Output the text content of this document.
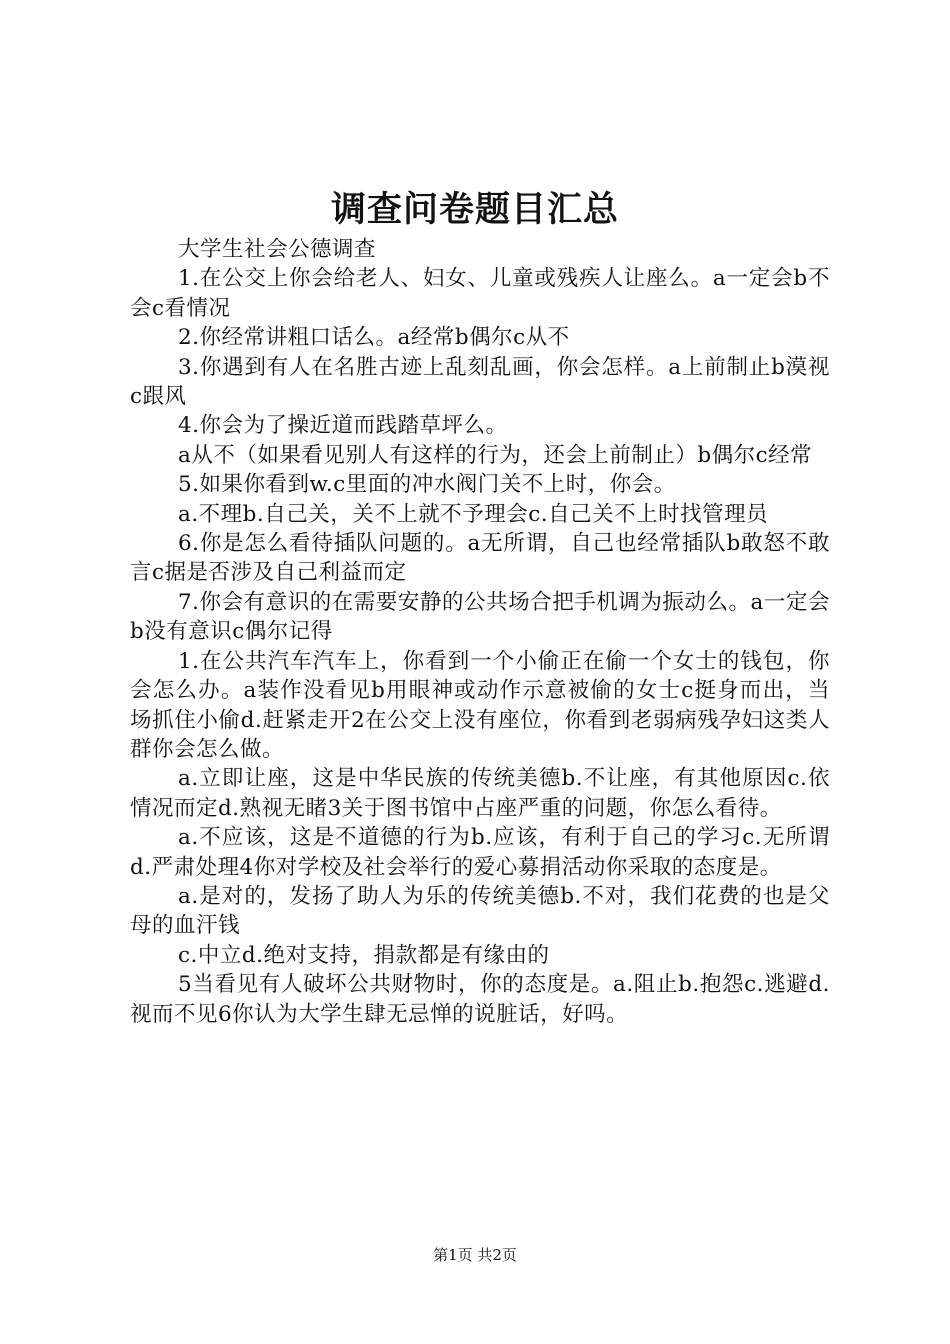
调查问卷题目汇总

大学生社会公德调查

1.在公交上你会给老人、妇女、儿童或残疾人让座么。a一定会b不会c看情况

2.你经常讲粗口话么。a经常b偶尔c从不

3.你遇到有人在名胜古迹上乱刻乱画，你会怎样。a上前制止b漠视c跟风

4.你会为了操近道而践踏草坪么。

a从不（如果看见别人有这样的行为，还会上前制止）b偶尔c经常

5.如果你看到w.c里面的冲水阀门关不上时，你会。

a.不理b.自己关，关不上就不予理会c.自己关不上时找管理员

6.你是怎么看待插队问题的。a无所谓，自己也经常插队b敢怒不敢言c据是否涉及自己利益而定

7.你会有意识的在需要安静的公共场合把手机调为振动么。a一定会b没有意识c偶尔记得

1.在公共汽车汽车上，你看到一个小偷正在偷一个女士的钱包，你会怎么办。a装作没看见b用眼神或动作示意被偷的女士c挺身而出，当场抓住小偷d.赶紧走开2在公交上没有座位，你看到老弱病残孕妇这类人群你会怎么做。

a.立即让座，这是中华民族的传统美德b.不让座，有其他原因c.依情况而定d.熟视无睹3关于图书馆中占座严重的问题，你怎么看待。

a.不应该，这是不道德的行为b.应该，有利于自己的学习c.无所谓d.严肃处理4你对学校及社会举行的爱心募捐活动你采取的态度是。

a.是对的，发扬了助人为乐的传统美德b.不对，我们花费的也是父母的血汗钱

c.中立d.绝对支持，捐款都是有缘由的

5当看见有人破坏公共财物时，你的态度是。a.阻止b.抱怨c.逃避d.视而不见6你认为大学生肆无忌惮的说脏话，好吗。

第1页 共2页
